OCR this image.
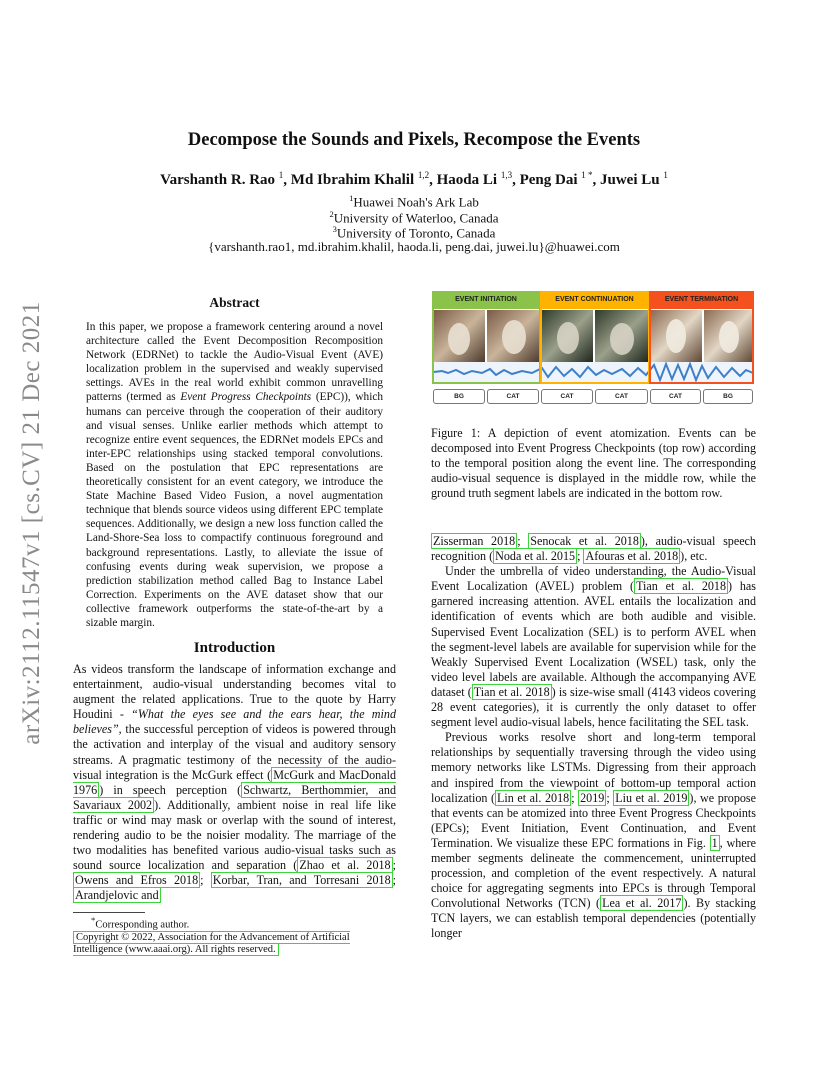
Decompose the Sounds and Pixels, Recompose the Events
Varshanth R. Rao $^1$, Md Ibrahim Khalil $^{1,2}$, Haoda Li $^{1,3}$, Peng Dai $^{1 *}$, Juwei Lu $^1$
$^1$Huawei Noah's Ark Lab
$^2$University of Waterloo, Canada
$^3$University of Toronto, Canada
{varshanth.rao1, md.ibrahim.khalil, haoda.li, peng.dai, juwei.lu}@huawei.com
arXiv:2112.11547v1 [cs.CV] 21 Dec 2021	Abstract
In this paper, we propose a framework centering around a novel architecture called the Event Decomposition Recomposition Network (EDRNet) to tackle the Audio-Visual Event (AVE) localization problem in the supervised and weakly supervised settings. AVEs in the real world exhibit common unravelling patterns (termed as Event Progress Checkpoints (EPC)), which humans can perceive through the cooperation of their auditory and visual senses. Unlike earlier methods which attempt to recognize entire event sequences, the EDRNet models EPCs and inter-EPC relationships using stacked temporal convolutions. Based on the postulation that EPC representations are theoretically consistent for an event category, we introduce the State Machine Based Video Fusion, a novel augmentation technique that blends source videos using different EPC template sequences. Additionally, we design a new loss function called the Land-Shore-Sea loss to compactify continuous foreground and background representations. Lastly, to alleviate the issue of confusing events during weak supervision, we propose a prediction stabilization method called Bag to Instance Label Correction. Experiments on the AVE dataset show that our collective framework outperforms the state-of-the-art by a sizable margin.
Introduction

As videos transform the landscape of information exchange and entertainment, audio-visual understanding becomes vital to augment the related applications. True to the quote by Harry Houdini - “What the eyes see and the ears hear, the mind believes”, the successful perception of videos is powered through the activation and interplay of the visual and auditory sensory streams. A pragmatic testimony of the necessity of the audio-visual integration is the McGurk effect ( McGurk and MacDonald 1976 ) in speech perception ( Schwartz, Berthommier, and Savariaux 2002 ). Additionally, ambient noise in real life like traffic or wind may mask or overlap with the sound of interest, rendering audio to be the noisier modality. The marriage of the two modalities has benefited various audio-visual tasks such as sound source localization and separation ( Zhao et al. 2018 ; Owens and Efros 2018 ; Korbar, Tran, and Torresani 2018 ; Arandjelovic and

*Corresponding author.
Copyright © 2022, Association for the Advancement of Artificial Intelligence (www.aaai.org). All rights reserved.
EVENT INITIATION	EVENT CONTINUATION	EVENT TERMINATION
BG	CAT	CAT	CAT	CAT	BG
Figure 1: A depiction of event atomization. Events can be decomposed into Event Progress Checkpoints (top row) according to the temporal position along the event line. The corresponding audio-visual sequence is displayed in the middle row, while the ground truth segment labels are indicated in the bottom row.

Zisserman 2018 ; Senocak et al. 2018 ), audio-visual speech recognition ( Noda et al. 2015 ; Afouras et al. 2018 ), etc.

Under the umbrella of video understanding, the Audio-Visual Event Localization (AVEL) problem ( Tian et al. 2018 ) has garnered increasing attention. AVEL entails the localization and identification of events which are both audible and visible. Supervised Event Localization (SEL) is to perform AVEL when the segment-level labels are available for supervision while for the Weakly Supervised Event Localization (WSEL) task, only the video level labels are available. Although the accompanying AVE dataset ( Tian et al. 2018 ) is size-wise small (4143 videos covering 28 event categories), it is currently the only dataset to offer segment level audio-visual labels, hence facilitating the SEL task.

Previous works resolve short and long-term temporal relationships by sequentially traversing through the video using memory networks like LSTMs. Digressing from their approach and inspired from the viewpoint of bottom-up temporal action localization ( Lin et al. 2018 ; 2019 ; Liu et al. 2019 ), we propose that events can be atomized into three Event Progress Checkpoints (EPCs); Event Initiation, Event Continuation, and Event Termination. We visualize these EPC formations in Fig. 1 , where member segments delineate the commencement, uninterrupted procession, and completion of the event respectively. A natural choice for aggregating segments into EPCs is through Temporal Convolutional Networks (TCN) ( Lea et al. 2017 ). By stacking TCN layers, we can establish temporal dependencies (potentially longer
